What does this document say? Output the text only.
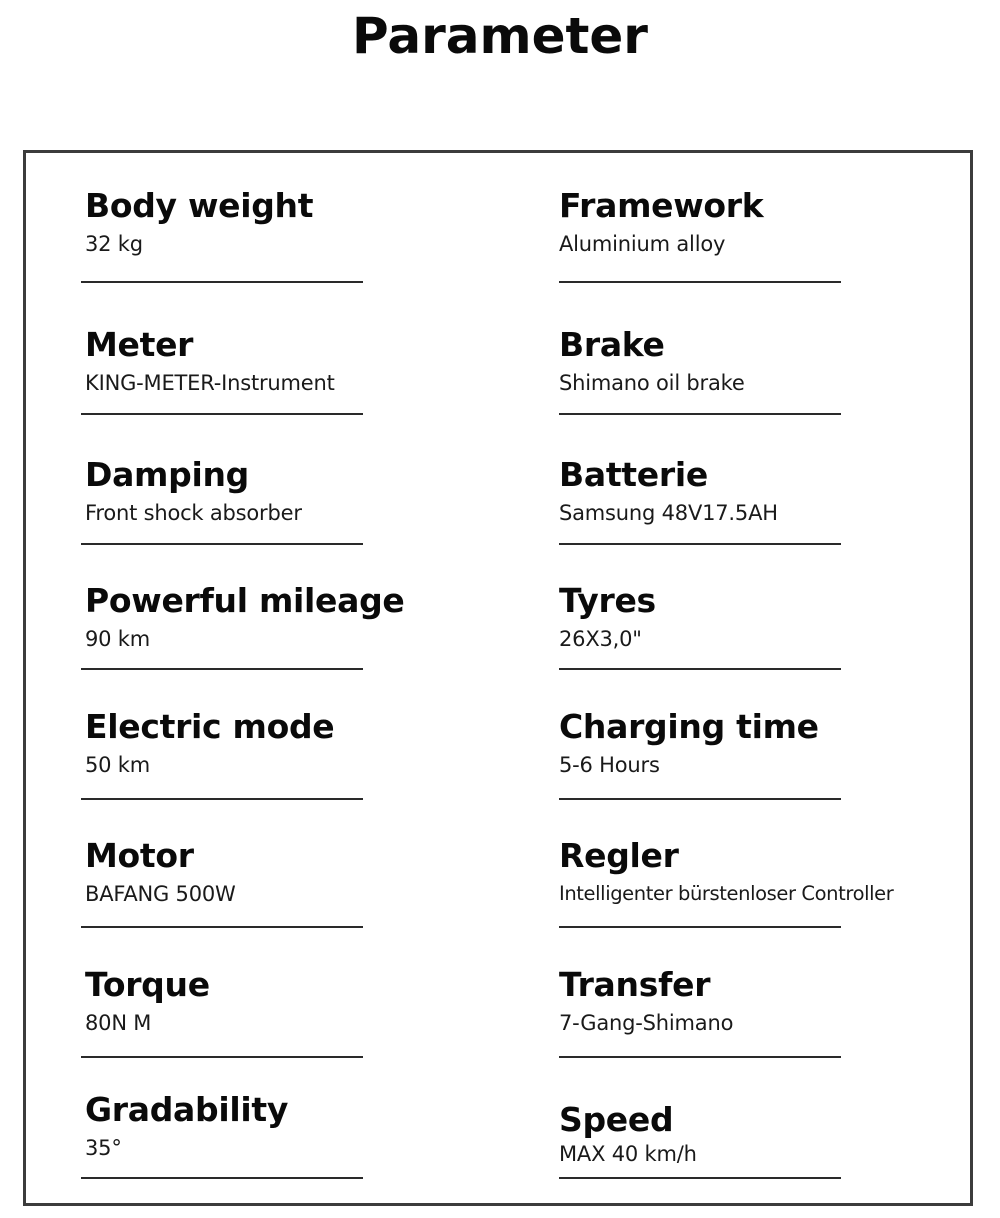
Parameter
Body weight
32 kg
Meter
KING-METER-Instrument
Damping
Front shock absorber
Powerful mileage
90 km
Electric mode
50 km
Motor
BAFANG 500W
Torque
80N M
Gradability
35°
Framework
Aluminium alloy
Brake
Shimano oil brake
Batterie
Samsung 48V17.5AH
Tyres
26X3,0"
Charging time
5-6 Hours
Regler
Intelligenter bürstenloser Controller
Transfer
7-Gang-Shimano
Speed
MAX 40 km/h
